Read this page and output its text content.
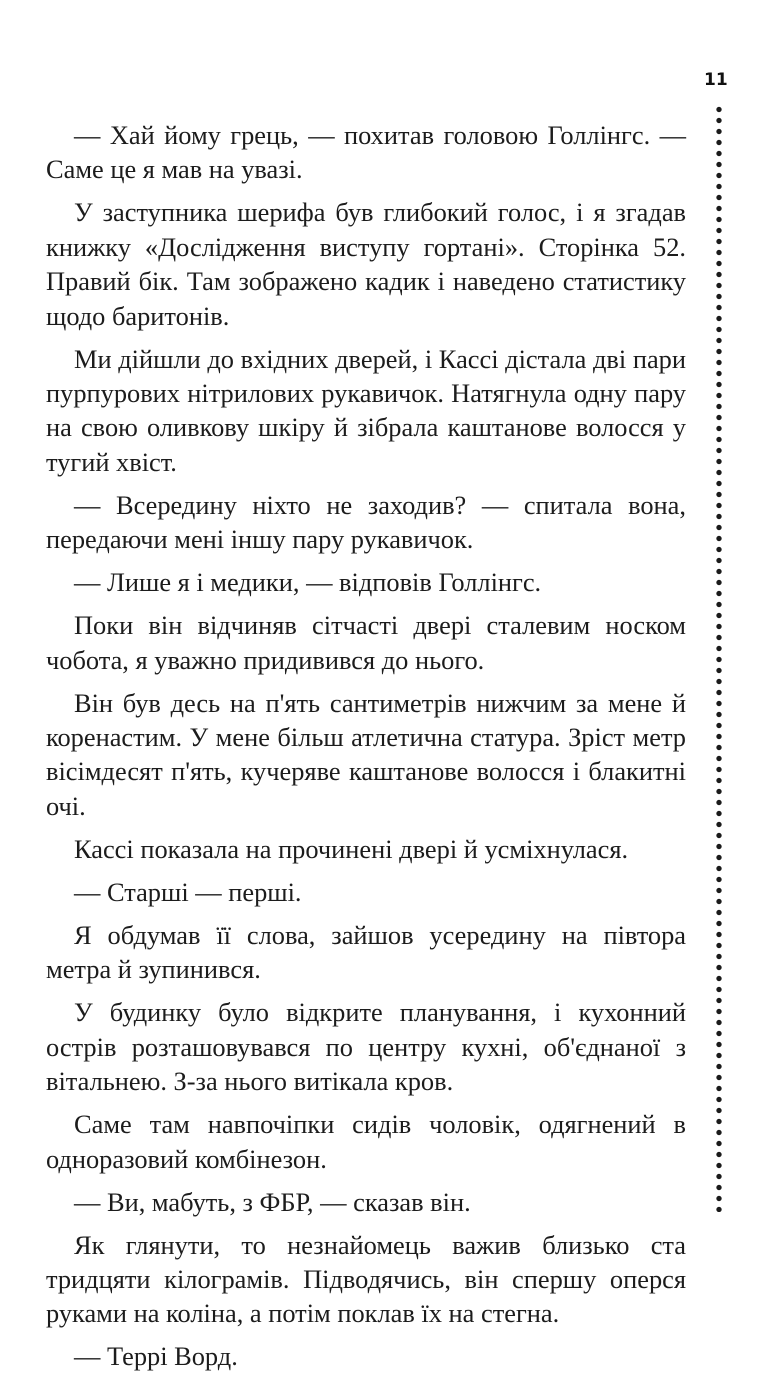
11

— Хай йому грець, — похитав головою Голлінгс. — Саме це я мав на увазі.

У заступника шерифа був глибокий голос, і я згадав книжку «Дослідження виступу гортані». Сторінка 52. Правий бік. Там зображено кадик і наведено статистику щодо баритонів.

Ми дійшли до вхідних дверей, і Кассі дістала дві пари пурпурових нітрилових рукавичок. Натягнула одну пару на свою оливкову шкіру й зібрала каштанове волосся у тугий хвіст.

— Всередину ніхто не заходив? — спитала вона, передаючи мені іншу пару рукавичок.

— Лише я і медики, — відповів Голлінгс.

Поки він відчиняв сітчасті двері сталевим носком чобота, я уважно придивився до нього.

Він був десь на п'ять сантиметрів нижчим за мене й коренастим. У мене більш атлетична статура. Зріст метр вісімдесят п'ять, кучеряве каштанове волосся і блакитні очі.

Кассі показала на прочинені двері й усміхнулася.

— Старші — перші.

Я обдумав її слова, зайшов усередину на півтора метра й зупинився.

У будинку було відкрите планування, і кухонний острів розташовувався по центру кухні, об'єднаної з вітальнею. З-за нього витікала кров.

Саме там навпочіпки сидів чоловік, одягнений в одноразовий комбінезон.

— Ви, мабуть, з ФБР, — сказав він.

Як глянути, то незнайомець важив близько ста тридцяти кілограмів. Підводячись, він спершу оперся руками на коліна, а потім поклав їх на стегна.

— Террі Ворд.
